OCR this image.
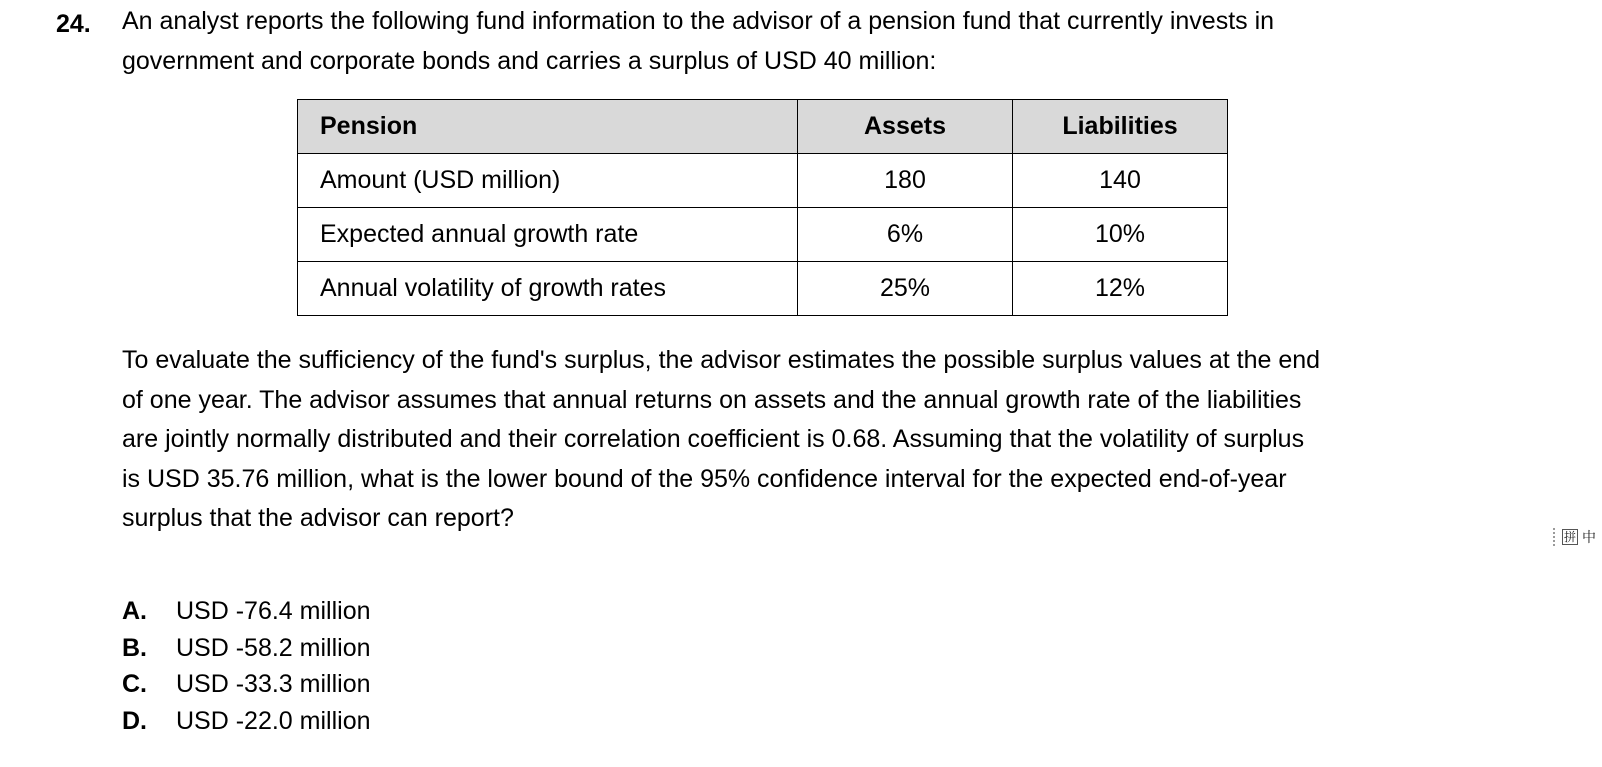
24. An analyst reports the following fund information to the advisor of a pension fund that currently invests in
government and corporate bonds and carries a surplus of USD 40 million:
Pension	Assets	Liabilities
Amount (USD million)	180	140
Expected annual growth rate	6%	10%
Annual volatility of growth rates	25%	12%
To evaluate the sufficiency of the fund's surplus, the advisor estimates the possible surplus values at the end
of one year. The advisor assumes that annual returns on assets and the annual growth rate of the liabilities
are jointly normally distributed and their correlation coefficient is 0.68. Assuming that the volatility of surplus
is USD 35.76 million, what is the lower bound of the 95% confidence interval for the expected end-of-year
surplus that the advisor can report?
A. USD -76.4 million
B. USD -58.2 million
C. USD -33.3 million
D. USD -22.0 million
拼 中
